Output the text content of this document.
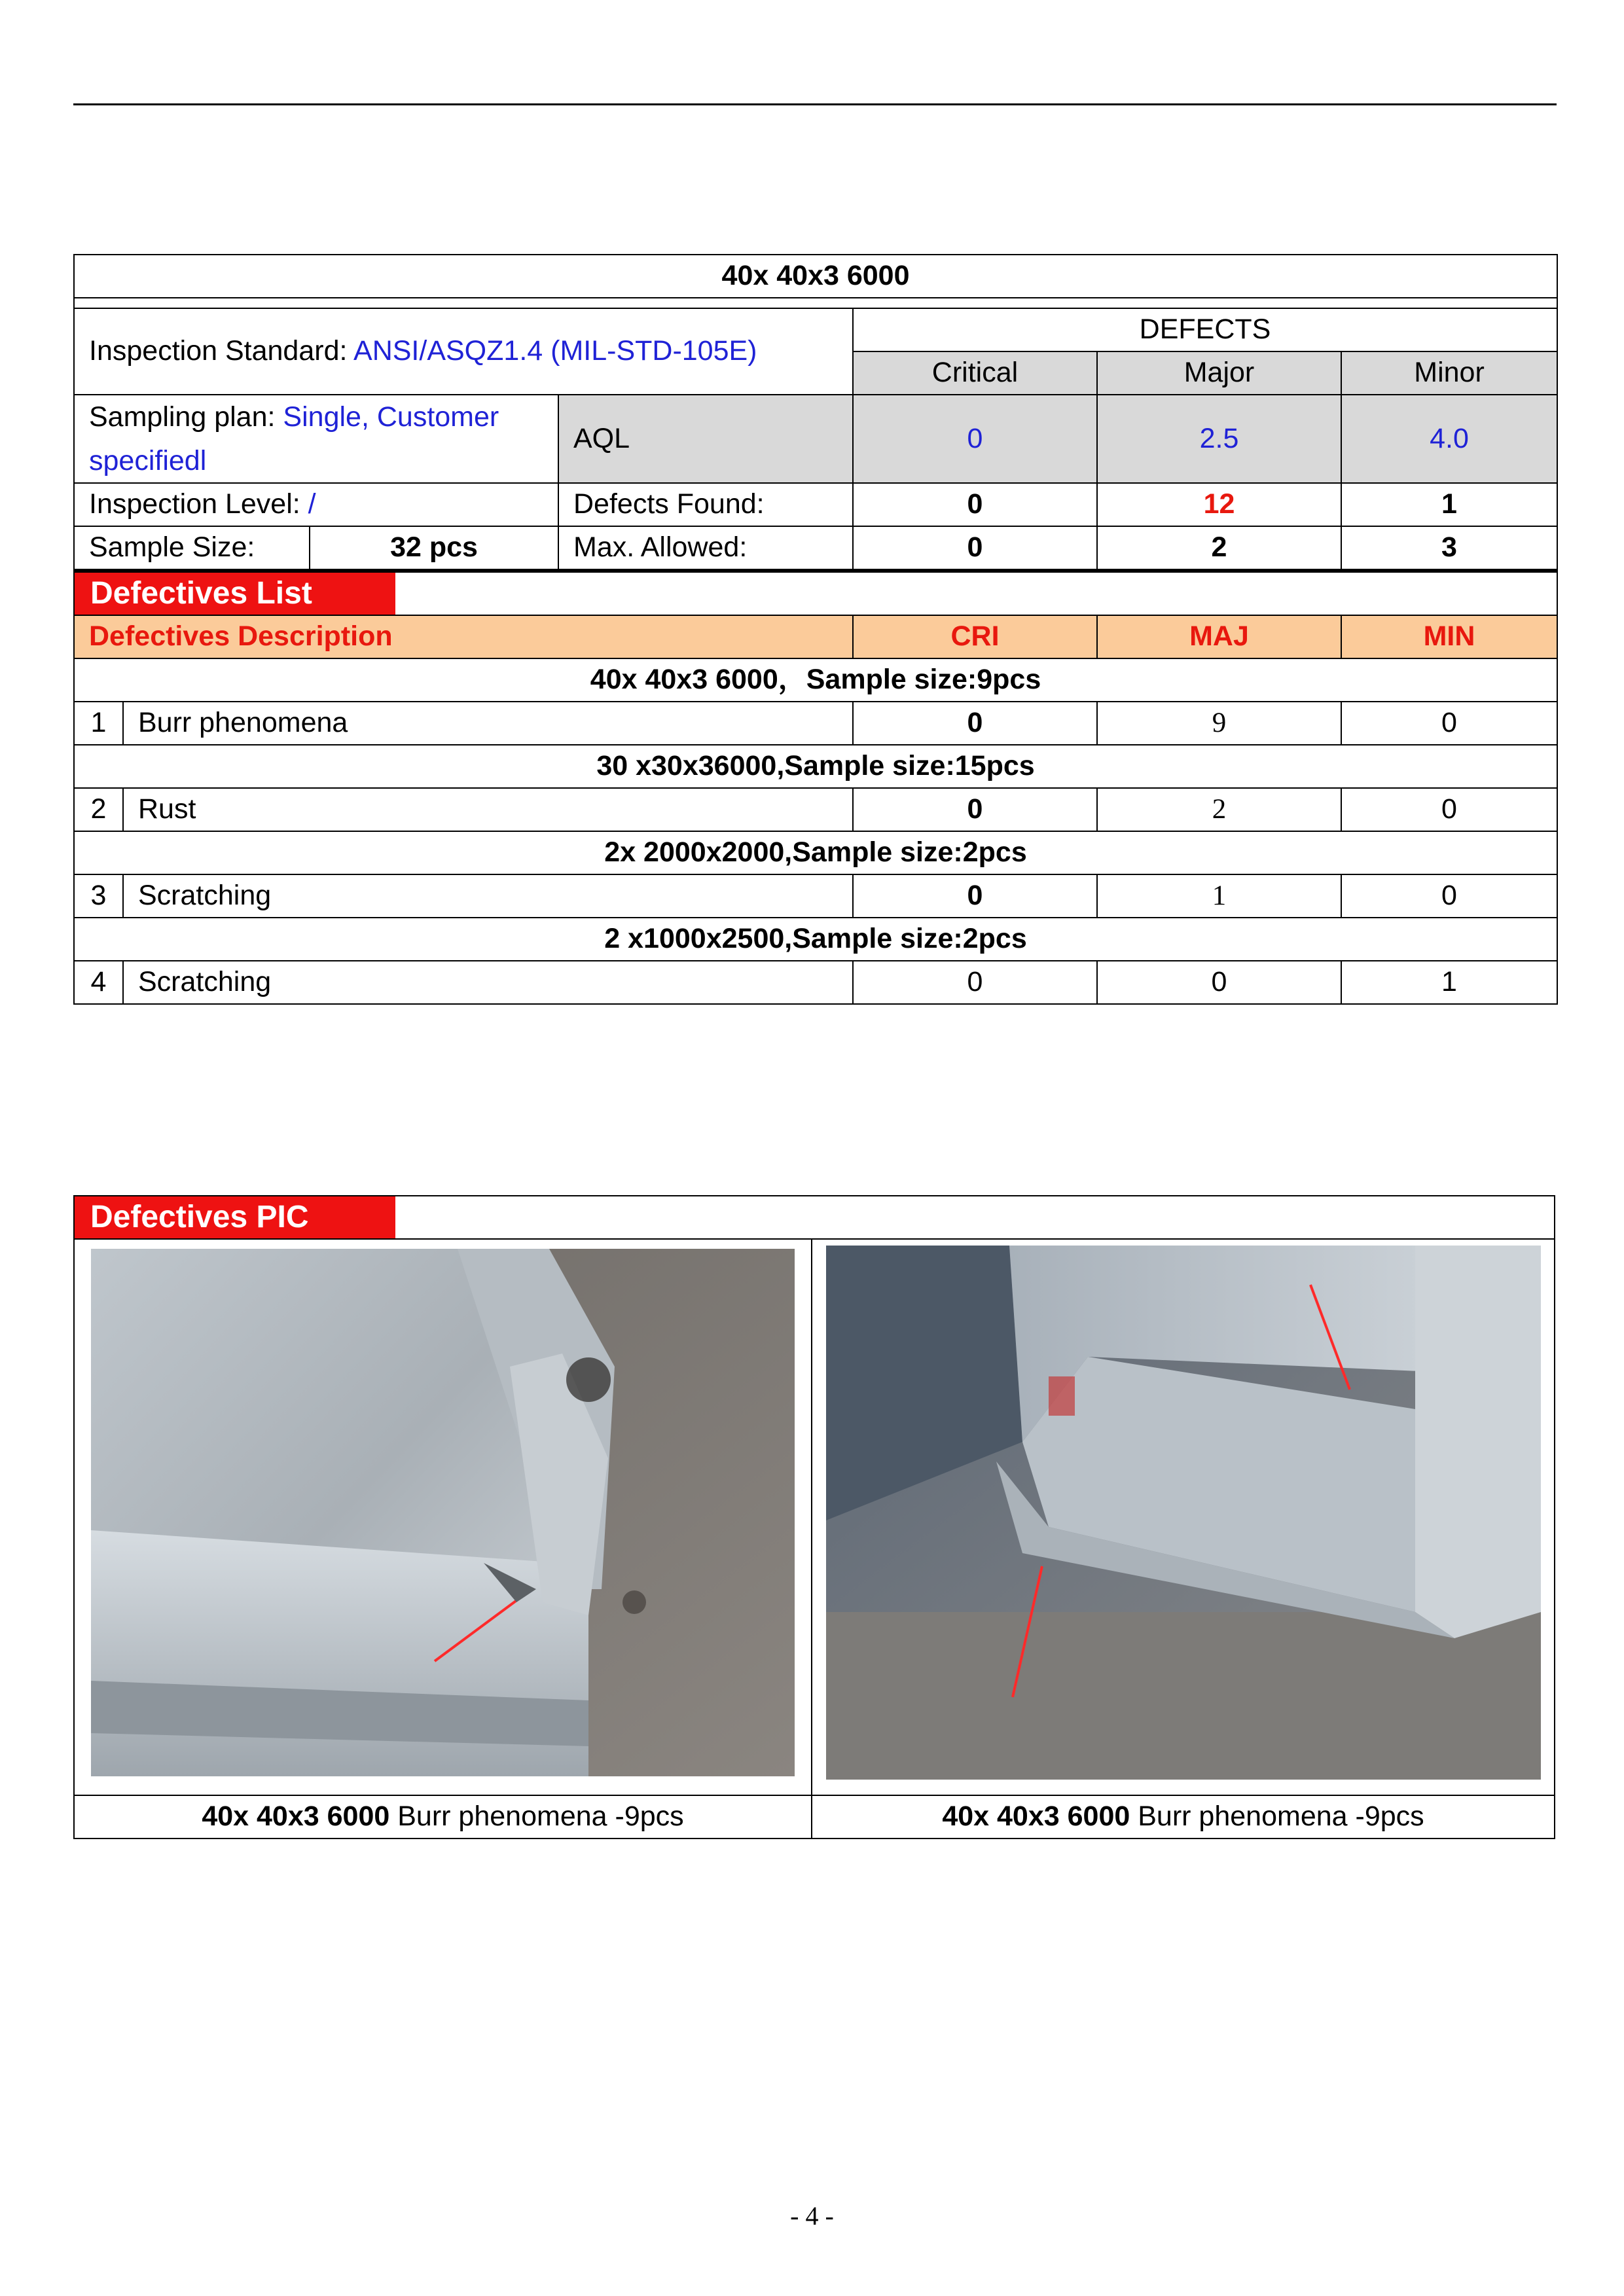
40x 40x3 6000						

Inspection Standard: ANSI/ASQZ1.4 (MIL-STD-105E)				DEFECTS		
				Critical	Major	Minor
Sampling plan: Single, Customer
specifiedl			AQL	0	2.5	4.0
Inspection Level: /			Defects Found:	0	12	1
Sample Size:		32 pcs	Max. Allowed:	0	2	3
Defectives List						
Defectives Description				CRI	MAJ	MIN
40x 40x3 6000，Sample size:9pcs						
1	Burr phenomena			0	9	0
30 x30x36000,Sample size:15pcs						
2	Rust			0	2	0
2x 2000x2000,Sample size:2pcs						
3	Scratching			0	1	0
2 x1000x2500,Sample size:2pcs						
4	Scratching			0	0	1
Defectives PIC	

40x 40x3 6000 Burr phenomena -9pcs	40x 40x3 6000 Burr phenomena -9pcs
- 4 -
